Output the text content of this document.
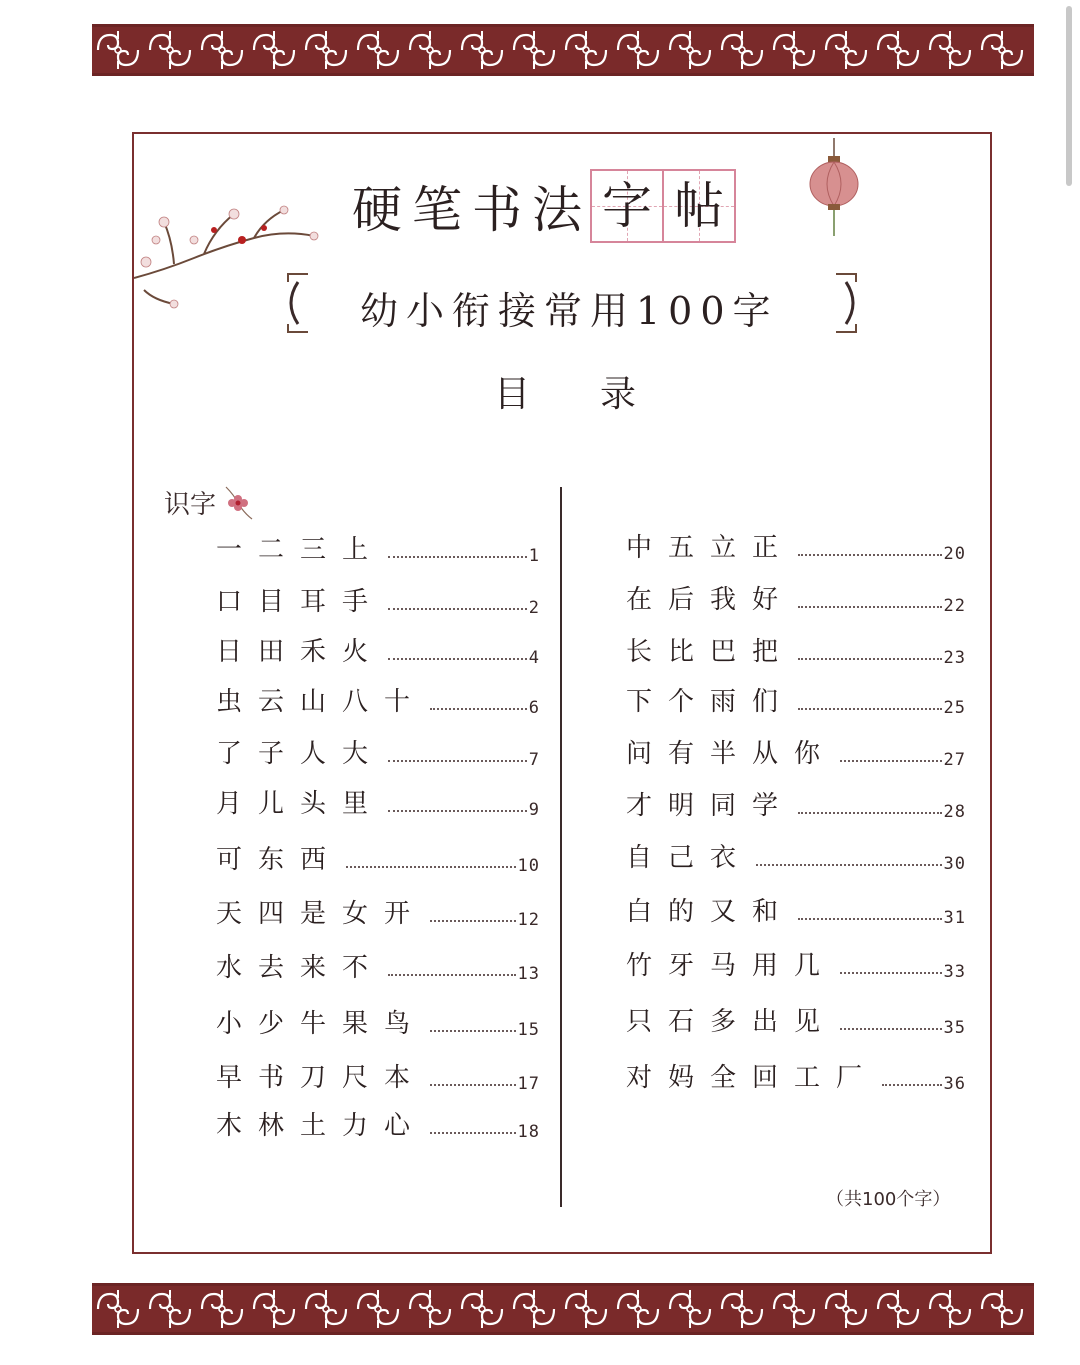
硬笔书法 字 帖
幼小衔接常用100字
目 录
识字
一二三上	1
口目耳手	2
日田禾火	4
虫云山八十	6
了子人大	7
月儿头里	9
可东西	10
天四是女开	12
水去来不	13
小少牛果鸟	15
早书刀尺本	17
木林土力心	18
中五立正	20
在后我好	22
长比巴把	23
下个雨们	25
问有半从你	27
才明同学	28
自己衣	30
白的又和	31
竹牙马用几	33
只石多出见	35
对妈全回工厂	36
（共100个字）
